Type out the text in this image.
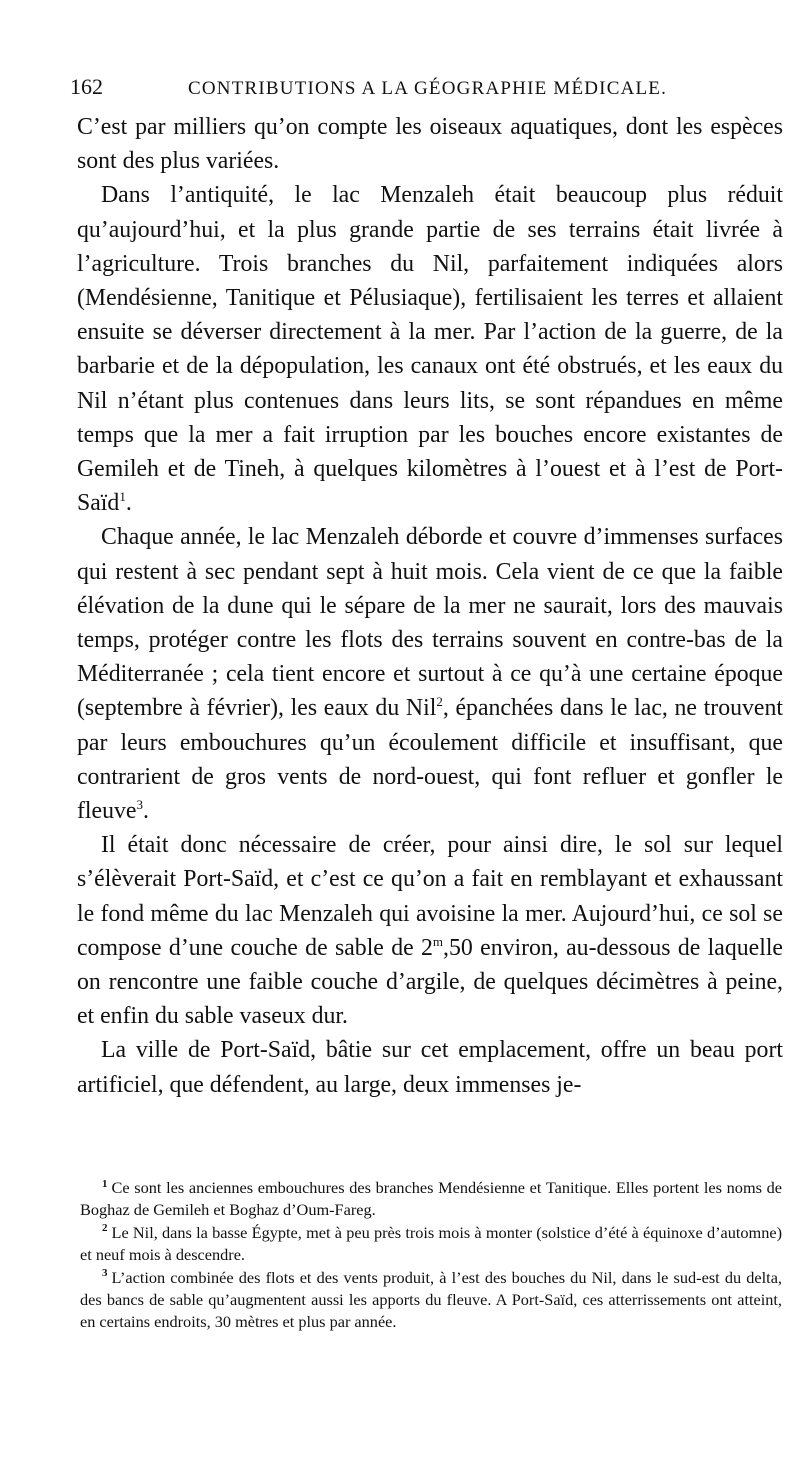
162	CONTRIBUTIONS A LA GÉOGRAPHIE MÉDICALE.

C’est par milliers qu’on compte les oiseaux aquatiques, dont les espèces sont des plus variées.

Dans l’antiquité, le lac Menzaleh était beaucoup plus réduit qu’aujourd’hui, et la plus grande partie de ses terrains était livrée à l’agriculture. Trois branches du Nil, parfaitement indiquées alors (Mendésienne, Tanitique et Pélusiaque), fertilisaient les terres et allaient ensuite se déverser directement à la mer. Par l’action de la guerre, de la barbarie et de la dépopulation, les canaux ont été obstrués, et les eaux du Nil n’étant plus contenues dans leurs lits, se sont répandues en même temps que la mer a fait irruption par les bouches encore existantes de Gemileh et de Tineh, à quelques kilomètres à l’ouest et à l’est de Port-Saïd$^1$.

Chaque année, le lac Menzaleh déborde et couvre d’immenses surfaces qui restent à sec pendant sept à huit mois. Cela vient de ce que la faible élévation de la dune qui le sépare de la mer ne saurait, lors des mauvais temps, protéger contre les flots des terrains souvent en contre-bas de la Méditerranée ; cela tient encore et surtout à ce qu’à une certaine époque (septembre à février), les eaux du Nil$^2$, épanchées dans le lac, ne trouvent par leurs embouchures qu’un écoulement difficile et insuffisant, que contrarient de gros vents de nord-ouest, qui font refluer et gonfler le fleuve$^3$.

Il était donc nécessaire de créer, pour ainsi dire, le sol sur lequel s’élèverait Port-Saïd, et c’est ce qu’on a fait en remblayant et exhaussant le fond même du lac Menzaleh qui avoisine la mer. Aujourd’hui, ce sol se compose d’une couche de sable de 2$^m$,50 environ, au-dessous de laquelle on rencontre une faible couche d’argile, de quelques décimètres à peine, et enfin du sable vaseux dur.

La ville de Port-Saïd, bâtie sur cet emplacement, offre un beau port artificiel, que défendent, au large, deux immenses je-

$^1$ Ce sont les anciennes embouchures des branches Mendésienne et Tanitique. Elles portent les noms de Boghaz de Gemileh et Boghaz d’Oum-Fareg.

$^2$ Le Nil, dans la basse Égypte, met à peu près trois mois à monter (solstice d’été à équinoxe d’automne) et neuf mois à descendre.

$^3$ L’action combinée des flots et des vents produit, à l’est des bouches du Nil, dans le sud-est du delta, des bancs de sable qu’augmentent aussi les apports du fleuve. A Port-Saïd, ces atterrissements ont atteint, en certains endroits, 30 mètres et plus par année.
